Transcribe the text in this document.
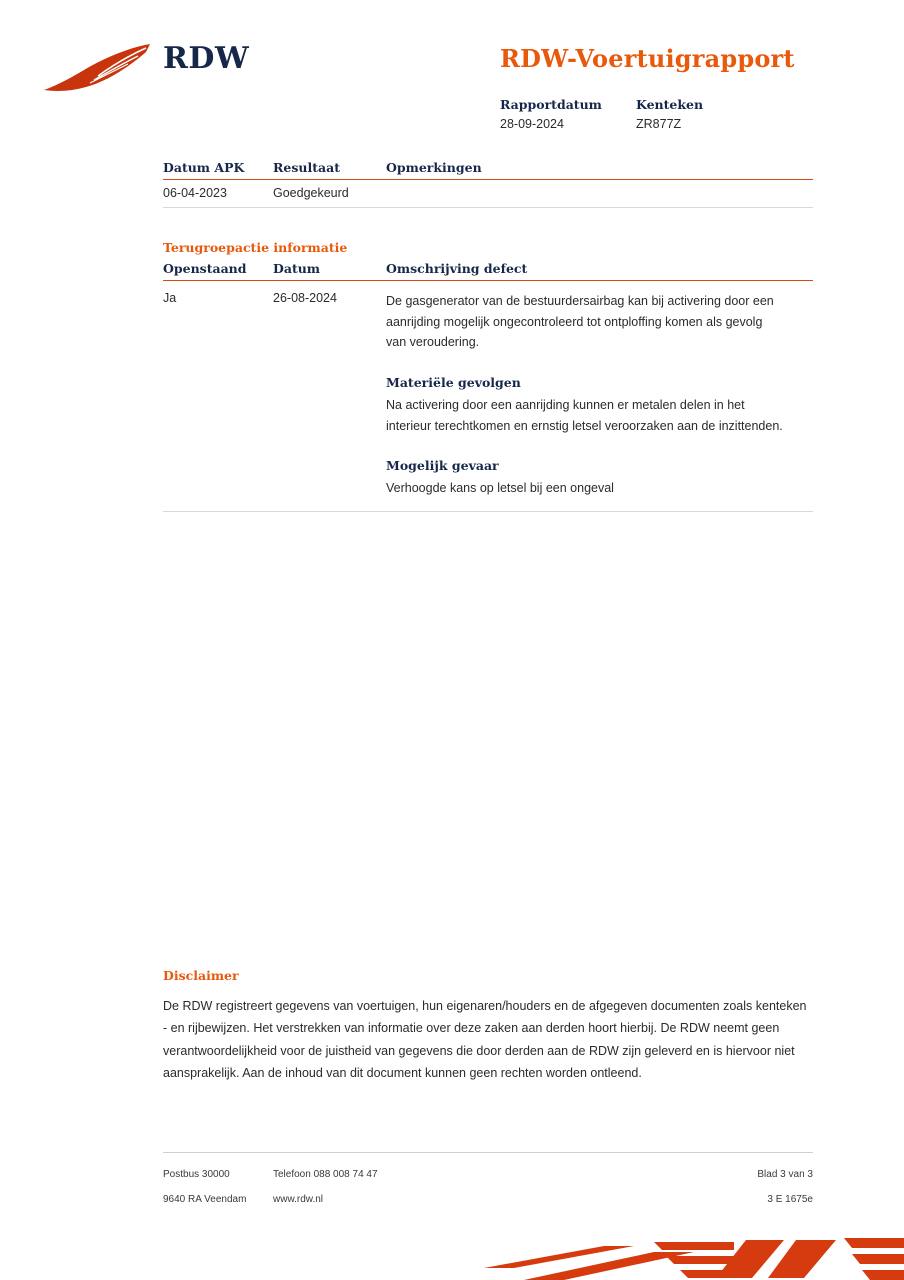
RDW	RDW-Voertuigrapport
Rapportdatum	Kenteken
28-09-2024	ZR877Z
Datum APK	Resultaat	Opmerkingen
06-04-2023	Goedgekeurd
Terugroepactie informatie
Openstaand	Datum	Omschrijving defect
Ja	26-08-2024	De gasgenerator van de bestuurdersairbag kan bij activering door een aanrijding mogelijk ongecontroleerd tot ontploffing komen als gevolg van veroudering.
Materiële gevolgen
Na activering door een aanrijding kunnen er metalen delen in het interieur terechtkomen en ernstig letsel veroorzaken aan de inzittenden.
Mogelijk gevaar
Verhoogde kans op letsel bij een ongeval
Disclaimer
De RDW registreert gegevens van voertuigen, hun eigenaren/houders en de afgegeven documenten zoals kenteken - en rijbewijzen. Het verstrekken van informatie over deze zaken aan derden hoort hierbij. De RDW neemt geen verantwoordelijkheid voor de juistheid van gegevens die door derden aan de RDW zijn geleverd en is hiervoor niet aansprakelijk. Aan de inhoud van dit document kunnen geen rechten worden ontleend.
Postbus 30000	Telefoon 088 008 74 47	Blad 3 van 3
9640 RA Veendam	www.rdw.nl	3 E 1675e
